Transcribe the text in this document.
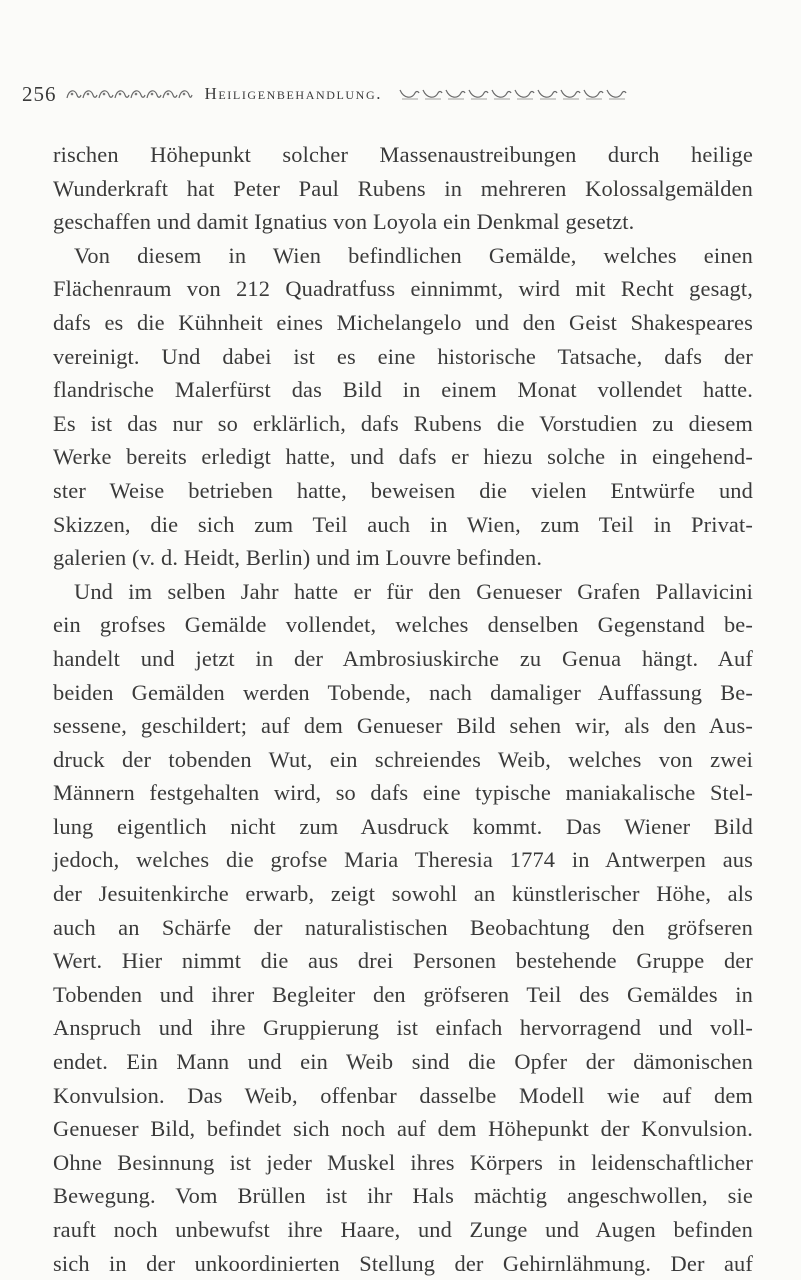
256	Heiligenbehandlung.
rischen Höhepunkt solcher Massenaustreibungen durch heilige
Wunderkraft hat Peter Paul Rubens in mehreren Kolossalgemälden
geschaffen und damit Ignatius von Loyola ein Denkmal gesetzt.
Von diesem in Wien befindlichen Gemälde, welches einen
Flächenraum von 212 Quadratfuss einnimmt, wird mit Recht gesagt,
dafs es die Kühnheit eines Michelangelo und den Geist Shakespeares
vereinigt. Und dabei ist es eine historische Tatsache, dafs der
flandrische Malerfürst das Bild in einem Monat vollendet hatte.
Es ist das nur so erklärlich, dafs Rubens die Vorstudien zu diesem
Werke bereits erledigt hatte, und dafs er hiezu solche in eingehend-
ster Weise betrieben hatte, beweisen die vielen Entwürfe und
Skizzen, die sich zum Teil auch in Wien, zum Teil in Privat-
galerien (v. d. Heidt, Berlin) und im Louvre befinden.
Und im selben Jahr hatte er für den Genueser Grafen Pallavicini
ein grofses Gemälde vollendet, welches denselben Gegenstand be-
handelt und jetzt in der Ambrosiuskirche zu Genua hängt. Auf
beiden Gemälden werden Tobende, nach damaliger Auffassung Be-
sessene, geschildert; auf dem Genueser Bild sehen wir, als den Aus-
druck der tobenden Wut, ein schreiendes Weib, welches von zwei
Männern festgehalten wird, so dafs eine typische maniakalische Stel-
lung eigentlich nicht zum Ausdruck kommt. Das Wiener Bild
jedoch, welches die grofse Maria Theresia 1774 in Antwerpen aus
der Jesuitenkirche erwarb, zeigt sowohl an künstlerischer Höhe, als
auch an Schärfe der naturalistischen Beobachtung den gröfseren
Wert. Hier nimmt die aus drei Personen bestehende Gruppe der
Tobenden und ihrer Begleiter den gröfseren Teil des Gemäldes in
Anspruch und ihre Gruppierung ist einfach hervorragend und voll-
endet. Ein Mann und ein Weib sind die Opfer der dämonischen
Konvulsion. Das Weib, offenbar dasselbe Modell wie auf dem
Genueser Bild, befindet sich noch auf dem Höhepunkt der Konvulsion.
Ohne Besinnung ist jeder Muskel ihres Körpers in leidenschaftlicher
Bewegung. Vom Brüllen ist ihr Hals mächtig angeschwollen, sie
rauft noch unbewufst ihre Haare, und Zunge und Augen befinden
sich in der unkoordinierten Stellung der Gehirnlähmung. Der auf
